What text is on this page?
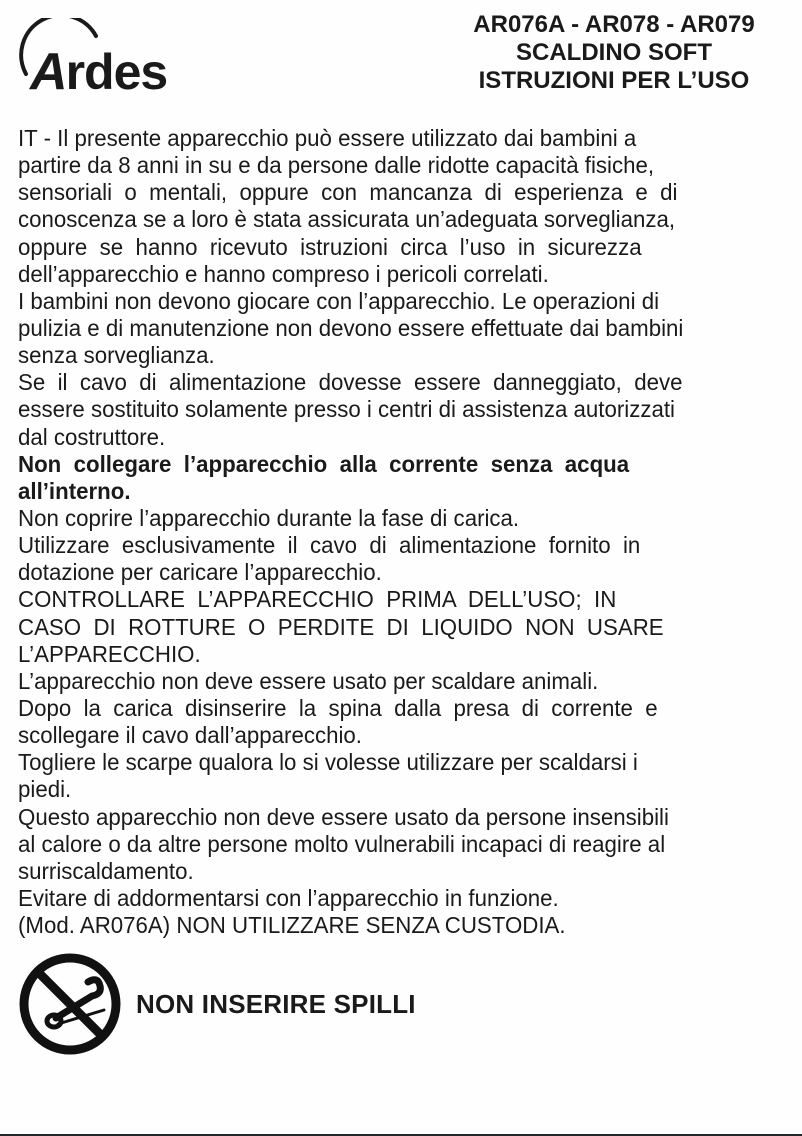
Ardes
AR076A - AR078 - AR079
SCALDINO SOFT
ISTRUZIONI PER L’USO
IT - Il presente apparecchio può essere utilizzato dai bambini a
partire da 8 anni in su e da persone dalle ridotte capacità fisiche,
sensoriali  o  mentali,  oppure  con  mancanza  di  esperienza  e  di
conoscenza se a loro è stata assicurata un’adeguata sorveglianza,
oppure  se  hanno  ricevuto  istruzioni  circa  l’uso  in  sicurezza
dell’apparecchio e hanno compreso i pericoli correlati.
I bambini non devono giocare con l’apparecchio. Le operazioni di
pulizia e di manutenzione non devono essere effettuate dai bambini
senza sorveglianza.
Se  il  cavo  di  alimentazione  dovesse  essere  danneggiato,  deve
essere sostituito solamente presso i centri di assistenza autorizzati
dal costruttore.
Non  collegare  l’apparecchio  alla  corrente  senza  acqua
all’interno.
Non coprire l’apparecchio durante la fase di carica.
Utilizzare  esclusivamente  il  cavo  di  alimentazione  fornito  in
dotazione per caricare l’apparecchio.
CONTROLLARE  L’APPARECCHIO  PRIMA  DELL’USO;  IN
CASO  DI  ROTTURE  O  PERDITE  DI  LIQUIDO  NON  USARE
L’APPARECCHIO.
L’apparecchio non deve essere usato per scaldare animali.
Dopo  la  carica  disinserire  la  spina  dalla  presa  di  corrente  e
scollegare il cavo dall’apparecchio.
Togliere le scarpe qualora lo si volesse utilizzare per scaldarsi i
piedi.
Questo apparecchio non deve essere usato da persone insensibili
al calore o da altre persone molto vulnerabili incapaci di reagire al
surriscaldamento.
Evitare di addormentarsi con l’apparecchio in funzione.
(Mod. AR076A) NON UTILIZZARE SENZA CUSTODIA.
NON INSERIRE SPILLI
